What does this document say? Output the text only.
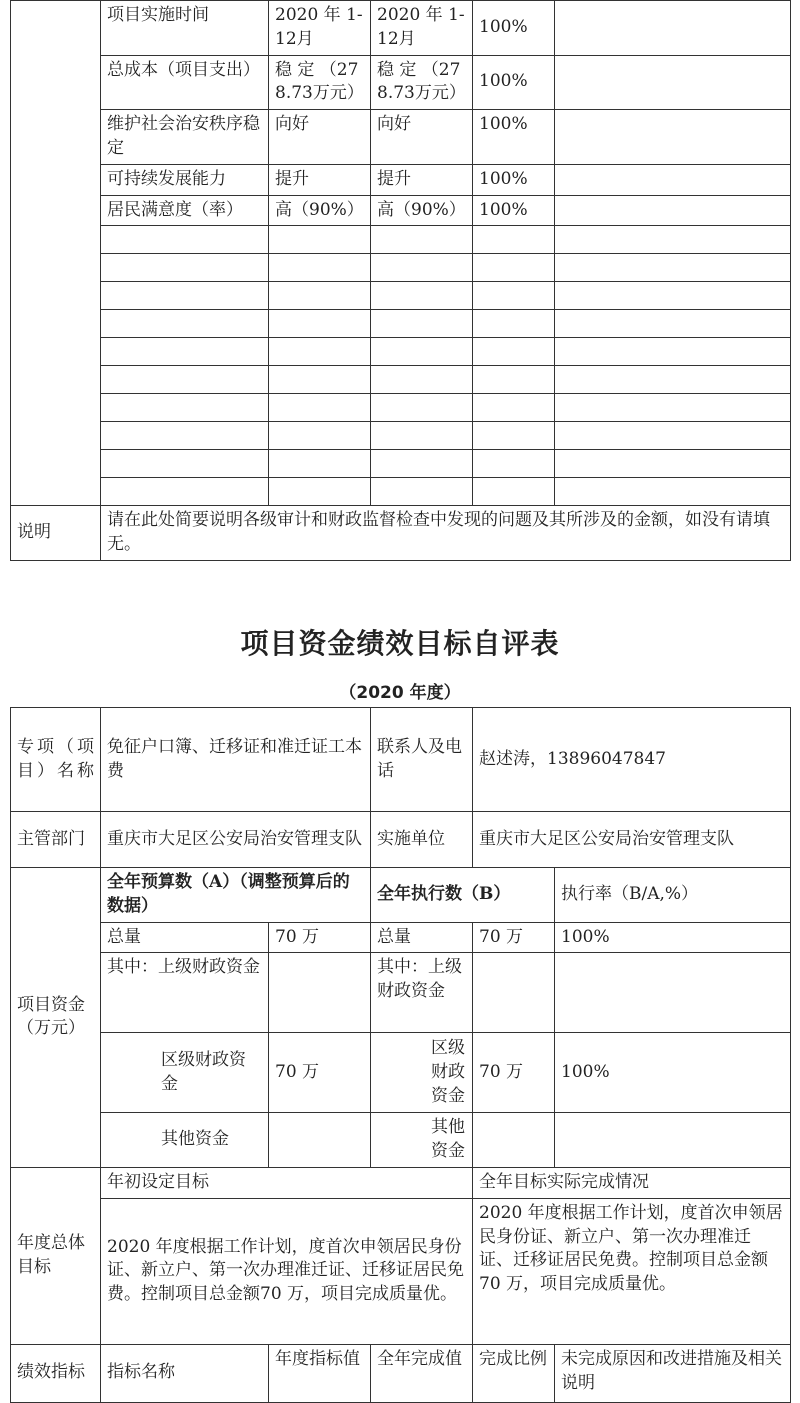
	项目实施时间	2020 年 1-12月	2020 年 1-12月	100%	
	总成本（项目支出）	稳 定 （278.73万元）	稳 定 （278.73万元）	100%	
	维护社会治安秩序稳定	向好	向好	100%	
	可持续发展能力	提升	提升	100%	
	居民满意度（率）	高（90%）	高（90%）	100%	

说明	请在此处简要说明各级审计和财政监督检查中发现的问题及其所涉及的金额，如没有请填无。				
项目资金绩效目标自评表
（2020 年度）
专项（项目）名称	免征户口簿、迁移证和准迁证工本费		联系人及电话	赵述涛，13896047847	
主管部门	重庆市大足区公安局治安管理支队		实施单位	重庆市大足区公安局治安管理支队	
项目资金（万元）	全年预算数（A）（调整预算后的数据）		全年执行数（B）		执行率（B/A,%）
	总量	70 万	总量	70 万	100%
	其中：上级财政资金		其中：上级财政资金		
	区级财政资金	70 万	区级财政资金	70 万	100%
	其他资金		其他资金		
年度总体目标	年初设定目标			全年目标实际完成情况	
	2020 年度根据工作计划，度首次申领居民身份证、新立户、第一次办理准迁证、迁移证居民免费。控制项目总金额70 万，项目完成质量优。			2020 年度根据工作计划，度首次申领居民身份证、新立户、第一次办理准迁证、迁移证居民免费。控制项目总金额 70 万，项目完成质量优。	
绩效指标	指标名称	年度指标值	全年完成值	完成比例	未完成原因和改进措施及相关说明
